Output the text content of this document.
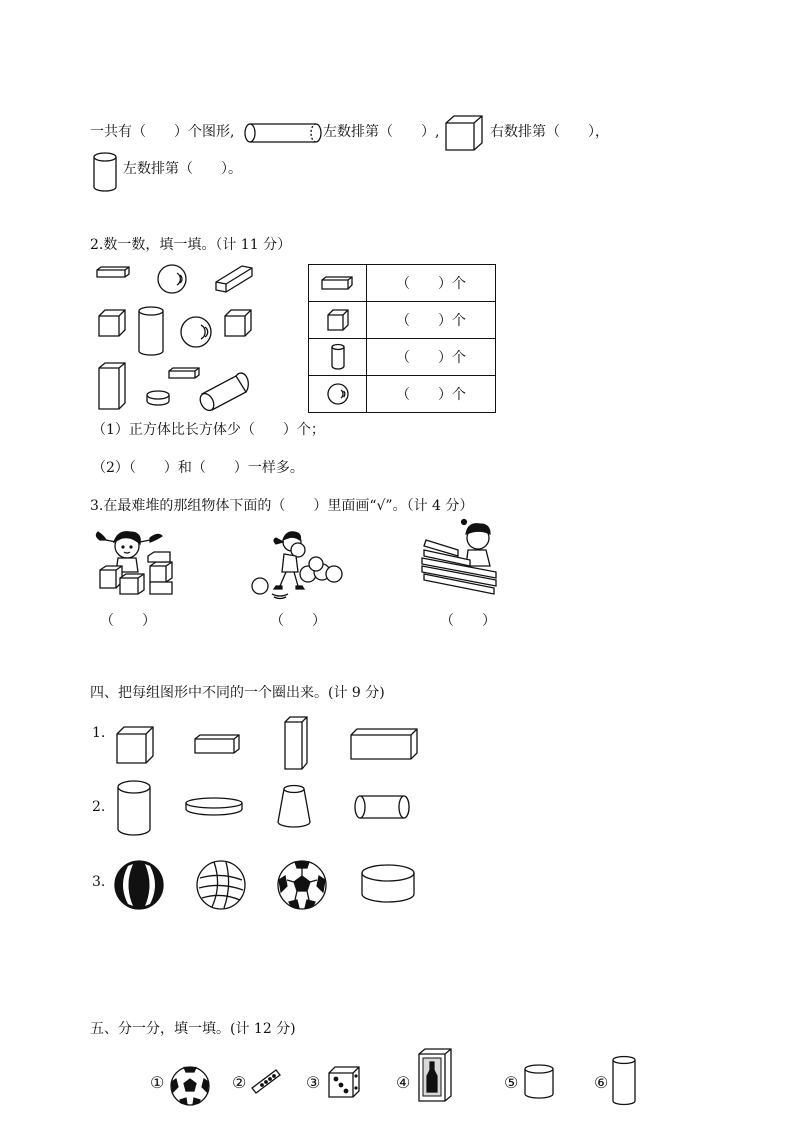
一共有（　　）个图形,	左数排第（　　）,	右数排第（　　），
左数排第（　　）。
2.数一数，填一填。（计 11 分）
	（　　）个

	（　　）个

	（　　）个

	（　　）个
（1）正方体比长方体少（　　）个；
（2）（　　）和（　　）一样多。
3.在最难堆的那组物体下面的（　　）里面画“√”。（计 4 分）
（　　）	（　　）	（　　）
四、把每组图形中不同的一个圈出来。(计 9 分)
1.
2.
3.
五、分一分，填一填。(计 12 分)
①	②	③	④	⑤	⑥
